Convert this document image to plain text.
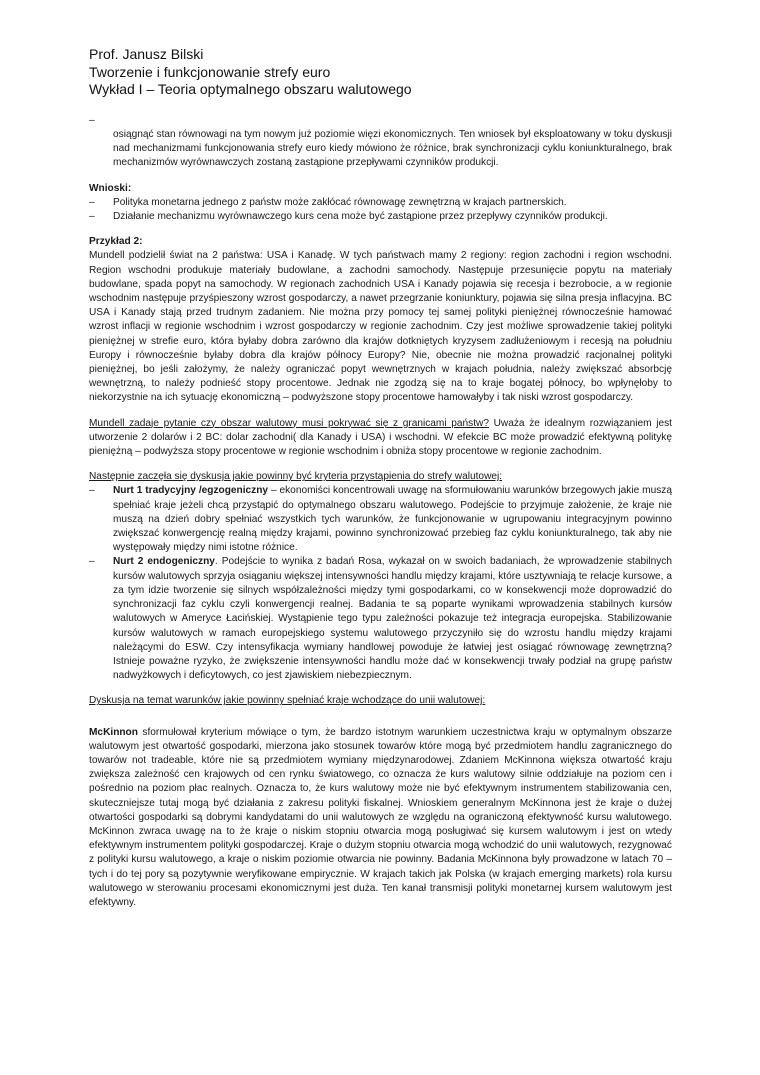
Prof. Janusz Bilski
Tworzenie i funkcjonowanie strefy euro
Wykład I – Teoria optymalnego obszaru walutowego
–

osiągnąć stan równowagi na tym nowym już poziomie więzi ekonomicznych. Ten wniosek był eksploatowany w toku dyskusji nad mechanizmami funkcjonowania strefy euro kiedy mówiono że różnice, brak synchronizacji cyklu koniunkturalnego, brak mechanizmów wyrównawczych zostaną zastąpione przepływami czynników produkcji.

Wnioski:
– Polityka monetarna jednego z państw może zakłócać równowagę zewnętrzną w krajach partnerskich.
– Działanie mechanizmu wyrównawczego kurs cena może być zastąpione przez przepływy czynników produkcji.
Przykład 2:

Mundell podzielił świat na 2 państwa: USA i Kanadę. W tych państwach mamy 2 regiony: region zachodni i region wschodni. Region wschodni produkuje materiały budowlane, a zachodni samochody. Następuje przesunięcie popytu na materiały budowlane, spada popyt na samochody. W regionach zachodnich USA i Kanady pojawia się recesja i bezrobocie, a w regionie wschodnim następuje przyśpieszony wzrost gospodarczy, a nawet przegrzanie koniunktury, pojawia się silna presja inflacyjna. BC USA i Kanady stają przed trudnym zadaniem. Nie można przy pomocy tej samej polityki pieniężnej równocześnie hamować wzrost inflacji w regionie wschodnim i wzrost gospodarczy w regionie zachodnim. Czy jest możliwe sprowadzenie takiej polityki pieniężnej w strefie euro, która byłaby dobra zarówno dla krajów dotkniętych kryzysem zadłużeniowym i recesją na południu Europy i równocześnie byłaby dobra dla krajów północy Europy? Nie, obecnie nie można prowadzić racjonalnej polityki pieniężnej, bo jeśli założymy, że należy ograniczać popyt wewnętrznych w krajach południa, należy zwiększać absorbcję wewnętrzną, to należy podnieść stopy procentowe. Jednak nie zgodzą się na to kraje bogatej północy, bo wpłynęłoby to niekorzystnie na ich sytuację ekonomiczną – podwyższone stopy procentowe hamowałyby i tak niski wzrost gospodarczy.

Mundell zadaje pytanie czy obszar walutowy musi pokrywać się z granicami państw? Uważa że idealnym rozwiązaniem jest utworzenie 2 dolarów i 2 BC: dolar zachodni( dla Kanady i USA) i wschodni. W efekcie BC może prowadzić efektywną politykę pieniężną – podwyższa stopy procentowe w regionie wschodnim i obniża stopy procentowe w regionie zachodnim.

Następnie zaczęła się dyskusja jakie powinny być kryteria przystąpienia do strefy walutowej:
– Nurt 1 tradycyjny /egzogeniczny – ekonomiści koncentrowali uwagę na sformułowaniu warunków brzegowych jakie muszą spełniać kraje jeżeli chcą przystąpić do optymalnego obszaru walutowego. Podejście to przyjmuje założenie, że kraje nie muszą na dzień dobry spełniać wszystkich tych warunków, że funkcjonowanie w ugrupowaniu integracyjnym powinno zwiększać konwergencję realną między krajami, powinno synchronizować przebieg faz cyklu koniunkturalnego, tak aby nie występowały między nimi istotne różnice.
– Nurt 2 endogeniczny. Podejście to wynika z badań Rosa, wykazał on w swoich badaniach, że wprowadzenie stabilnych kursów walutowych sprzyja osiąganiu większej intensywności handlu między krajami, które usztywniają te relacje kursowe, a za tym idzie tworzenie się silnych współzależności między tymi gospodarkami, co w konsekwencji może doprowadzić do synchronizacji faz cyklu czyli konwergencji realnej. Badania te są poparte wynikami wprowadzenia stabilnych kursów walutowych w Ameryce Łacińskiej. Wystąpienie tego typu zależności pokazuje też integracja europejska. Stabilizowanie kursów walutowych w ramach europejskiego systemu walutowego przyczyniło się do wzrostu handlu między krajami należącymi do ESW. Czy intensyfikacja wymiany handlowej powoduje że łatwiej jest osiągać równowagę zewnętrzną? Istnieje poważne ryzyko, że zwiększenie intensywności handlu może dać w konsekwencji trwały podział na grupę państw nadwyżkowych i deficytowych, co jest zjawiskiem niebezpiecznym.
Dyskusja na temat warunków jakie powinny spełniać kraje wchodzące do unii walutowej:

McKinnon sformułował kryterium mówiące o tym, że bardzo istotnym warunkiem uczestnictwa kraju w optymalnym obszarze walutowym jest otwartość gospodarki, mierzona jako stosunek towarów które mogą być przedmiotem handlu zagranicznego do towarów not tradeable, które nie są przedmiotem wymiany międzynarodowej. Zdaniem McKinnona większa otwartość kraju zwiększa zależność cen krajowych od cen rynku światowego, co oznacza że kurs walutowy silnie oddziałuje na poziom cen i pośrednio na poziom płac realnych. Oznacza to, że kurs walutowy może nie być efektywnym instrumentem stabilizowania cen, skuteczniejsze tutaj mogą być działania z zakresu polityki fiskalnej. Wnioskiem generalnym McKinnona jest że kraje o dużej otwartości gospodarki są dobrymi kandydatami do unii walutowych ze względu na ograniczoną efektywność kursu walutowego. McKinnon zwraca uwagę na to że kraje o niskim stopniu otwarcia mogą posługiwać się kursem walutowym i jest on wtedy efektywnym instrumentem polityki gospodarczej. Kraje o dużym stopniu otwarcia mogą wchodzić do unii walutowych, rezygnować z polityki kursu walutowego, a kraje o niskim poziomie otwarcia nie powinny. Badania McKinnona były prowadzone w latach 70 – tych i do tej pory są pozytywnie weryfikowane empirycznie. W krajach takich jak Polska (w krajach emerging markets) rola kursu walutowego w sterowaniu procesami ekonomicznymi jest duża. Ten kanał transmisji polityki monetarnej kursem walutowym jest efektywny.
